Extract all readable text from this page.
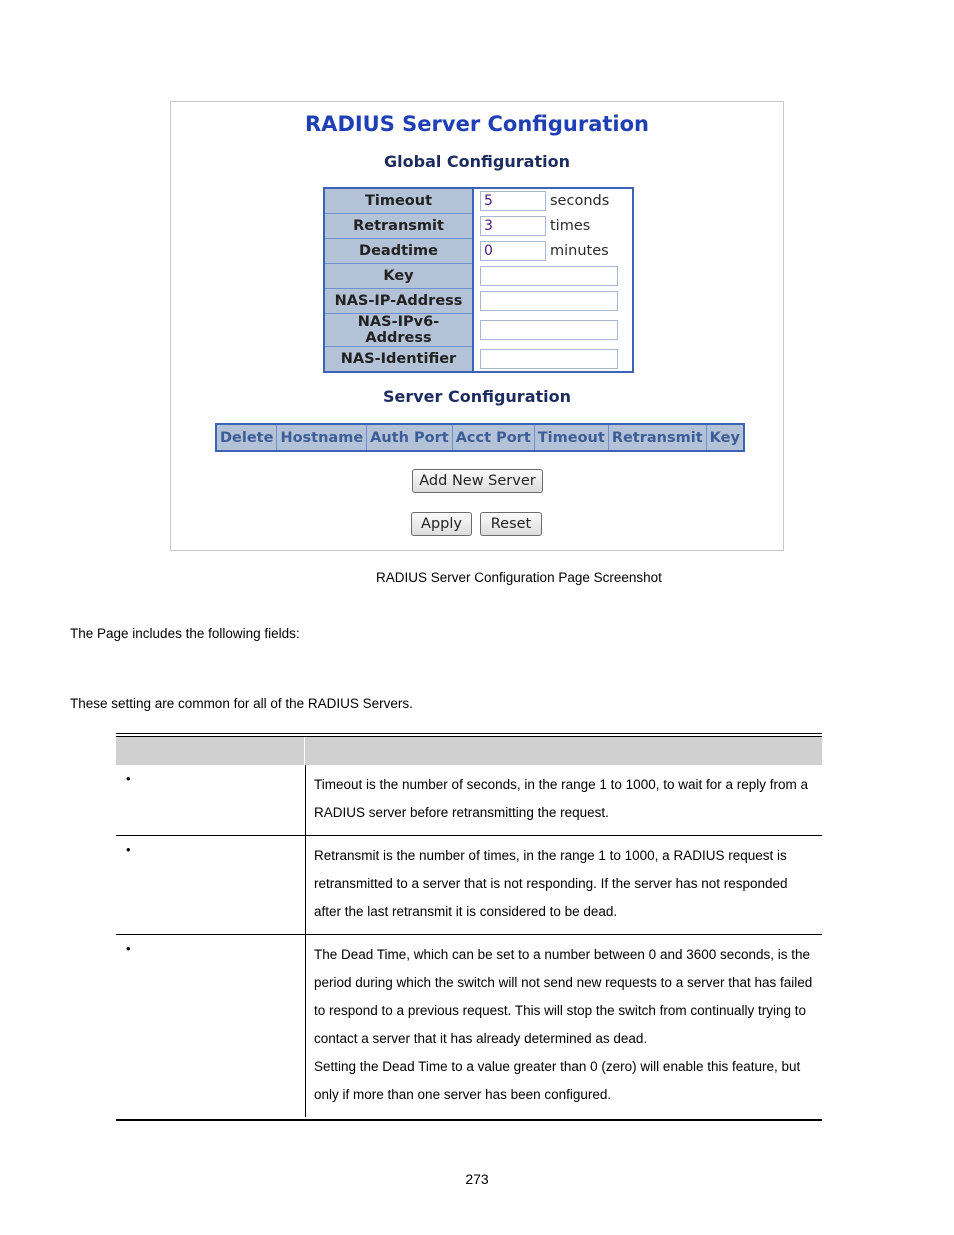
RADIUS Server Configuration
Global Configuration
Timeout	5 seconds
Retransmit	3 times
Deadtime	0 minutes
Key	
NAS-IP-Address	
NAS-IPv6-Address	
NAS-Identifier	
Server Configuration
Delete	Hostname	Auth Port	Acct Port	Timeout	Retransmit	Key
Add New Server
Apply	Reset
RADIUS Server Configuration Page Screenshot
The Page includes the following fields:
These setting are common for all of the RADIUS Servers.
•	Timeout is the number of seconds, in the range 1 to 1000, to wait for a reply from a RADIUS server before retransmitting the request.
•	Retransmit is the number of times, in the range 1 to 1000, a RADIUS request is retransmitted to a server that is not responding. If the server has not responded after the last retransmit it is considered to be dead.
•	The Dead Time, which can be set to a number between 0 and 3600 seconds, is the period during which the switch will not send new requests to a server that has failed to respond to a previous request. This will stop the switch from continually trying to contact a server that it has already determined as dead.
Setting the Dead Time to a value greater than 0 (zero) will enable this feature, but only if more than one server has been configured.
273
